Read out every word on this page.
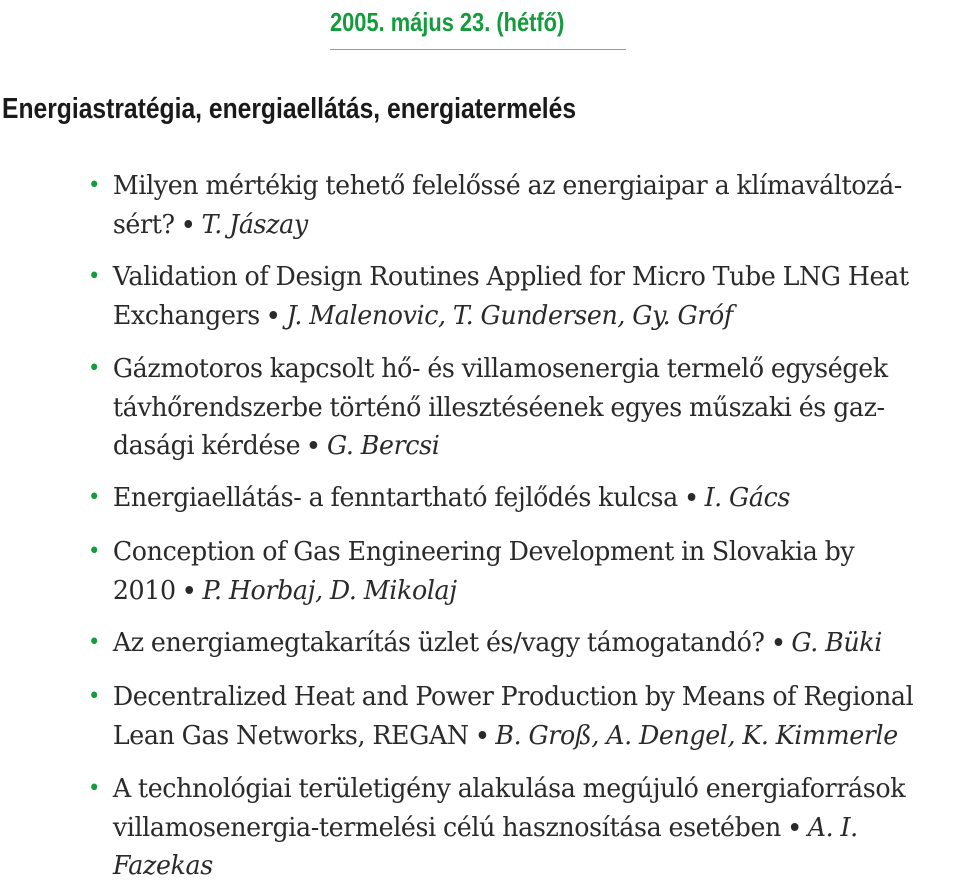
2005. május 23. (hétfő)
Energiastratégia, energiaellátás, energiatermelés
• Milyen mértékig tehető felelőssé az energiaipar a klímaváltozásért? T. Jászay
• Validation of Design Routines Applied for Micro Tube LNG Heat Exchangers J. Malenovic, T. Gundersen, Gy. Gróf
• Gázmotoros kapcsolt hő- és villamosenergia termelő egységek távhőrendszerbe történő illesztéséenek egyes műszaki és gazdasági kérdése G. Bercsi
• Energiaellátás- a fenntartható fejlődés kulcsa I. Gács
• Conception of Gas Engineering Development in Slovakia by 2010 P. Horbaj, D. Mikolaj
• Az energiamegtakarítás üzlet és/vagy támogatandó? G. Büki
• Decentralized Heat and Power Production by Means of Regional Lean Gas Networks, REGAN B. Groß, A. Dengel, K. Kimmerle
• A technológiai területigény alakulása megújuló energiaforrások villamosenergia-termelési célú hasznosítása esetében A. I. Fazekas
